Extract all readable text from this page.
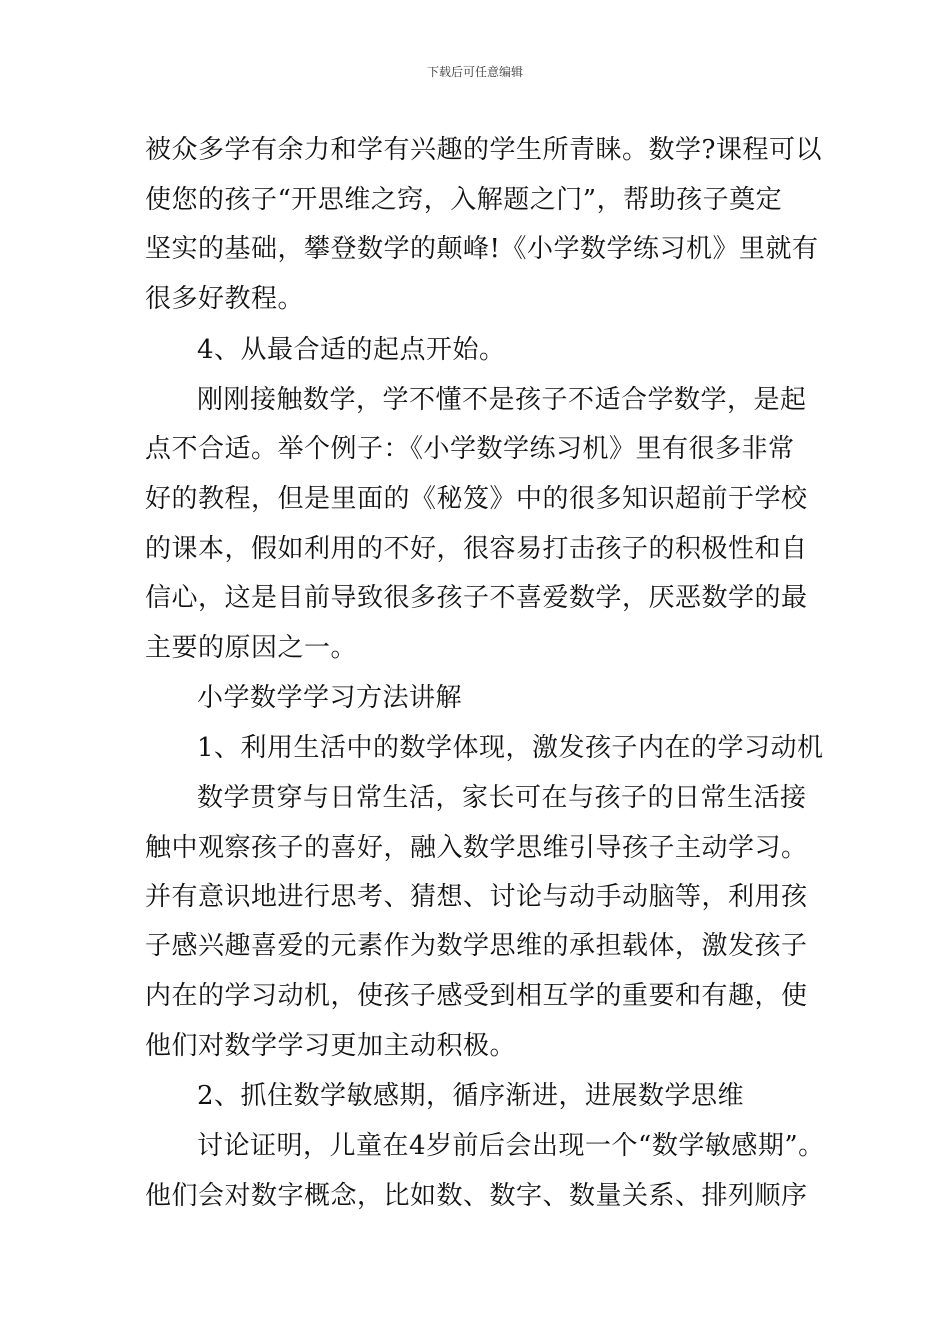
下载后可任意编辑
被众多学有余力和学有兴趣的学生所青睐。数学?课程可以
使您的孩子“开思维之窍，入解题之门”，帮助孩子奠定
坚实的基础，攀登数学的颠峰!《小学数学练习机》里就有
很多好教程。
4、从最合适的起点开始。
刚刚接触数学，学不懂不是孩子不适合学数学，是起
点不合适。举个例子：《小学数学练习机》里有很多非常
好的教程，但是里面的《秘笈》中的很多知识超前于学校
的课本，假如利用的不好，很容易打击孩子的积极性和自
信心，这是目前导致很多孩子不喜爱数学，厌恶数学的最
主要的原因之一。
小学数学学习方法讲解
1、利用生活中的数学体现，激发孩子内在的学习动机
数学贯穿与日常生活，家长可在与孩子的日常生活接
触中观察孩子的喜好，融入数学思维引导孩子主动学习。
并有意识地进行思考、猜想、讨论与动手动脑等，利用孩
子感兴趣喜爱的元素作为数学思维的承担载体，激发孩子
内在的学习动机，使孩子感受到相互学的重要和有趣，使
他们对数学学习更加主动积极。
2、抓住数学敏感期，循序渐进，进展数学思维
讨论证明，儿童在4岁前后会出现一个“数学敏感期”。
他们会对数字概念，比如数、数字、数量关系、排列顺序
